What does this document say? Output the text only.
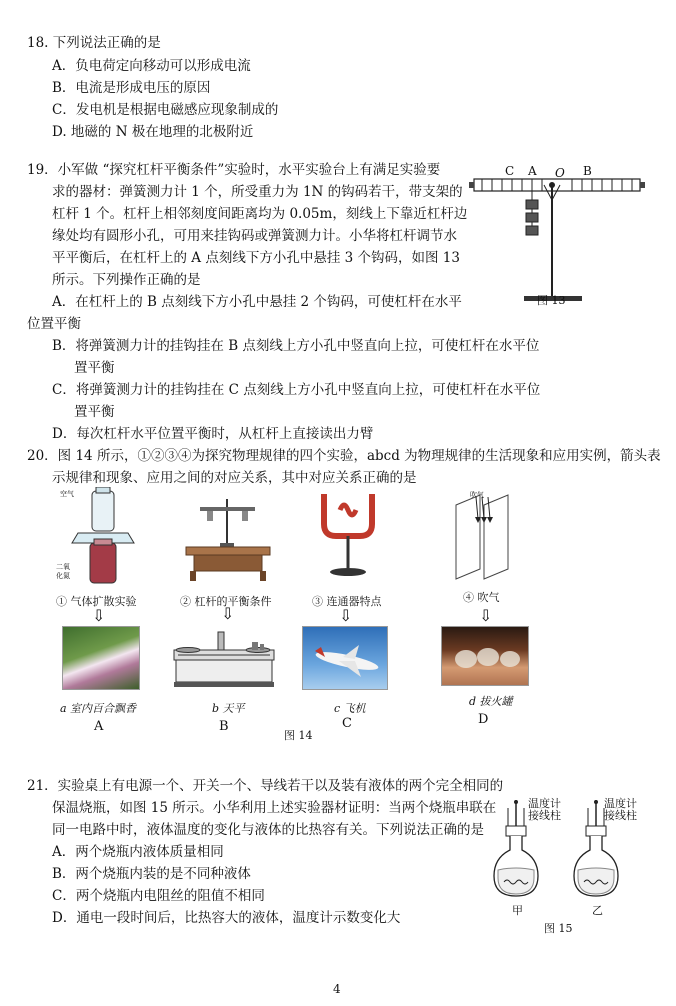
18. 下列说法正确的是
A．负电荷定向移动可以形成电流
B．电流是形成电压的原因
C．发电机是根据电磁感应现象制成的
D. 地磁的 N 极在地理的北极附近
19．小军做 “探究杠杆平衡条件”实验时，水平实验台上有满足实验要
求的器材：弹簧测力计 1 个，所受重力为 1N 的钩码若干，带支架的
杠杆 1 个。杠杆上相邻刻度间距离均为 0.05m，刻线上下靠近杠杆边
缘处均有圆形小孔，可用来挂钩码或弹簧测力计。小华将杠杆调节水
平平衡后，在杠杆上的 A 点刻线下方小孔中悬挂 3 个钩码，如图 13
所示。下列操作正确的是
A．在杠杆上的 B 点刻线下方小孔中悬挂 2 个钩码，可使杠杆在水平
位置平衡
B．将弹簧测力计的挂钩挂在 B 点刻线上方小孔中竖直向上拉，可使杠杆在水平位
置平衡
C．将弹簧测力计的挂钩挂在 C 点刻线上方小孔中竖直向上拉，可使杠杆在水平位
置平衡
D．每次杠杆水平位置平衡时，从杠杆上直接读出力臂
C A O B
图 13
20．图 14 所示，①②③④为探究物理规律的四个实验，abcd 为物理规律的生活现象和应用实例，箭头表
示规律和现象、应用之间的对应关系，其中对应关系正确的是
空气
二氧
化氮
吹气
① 气体扩散实验	② 杠杆的平衡条件	③ 连通器特点	④ 吹气
⇩	⇩	⇩	⇩
a 室内百合飘香	b 天平	c 飞机
d 拔火罐
A	B	C	D
图 14
21．实验桌上有电源一个、开关一个、导线若干以及装有液体的两个完全相同的
保温烧瓶，如图 15 所示。小华利用上述实验器材证明：当两个烧瓶串联在
同一电路中时，液体温度的变化与液体的比热容有关。下列说法正确的是
A．两个烧瓶内液体质量相同
B．两个烧瓶内装的是不同种液体
C．两个烧瓶内电阻丝的阻值不相同
D．通电一段时间后，比热容大的液体，温度计示数变化大
温度计
接线柱
温度计
接线柱
甲	乙
图 15
4
